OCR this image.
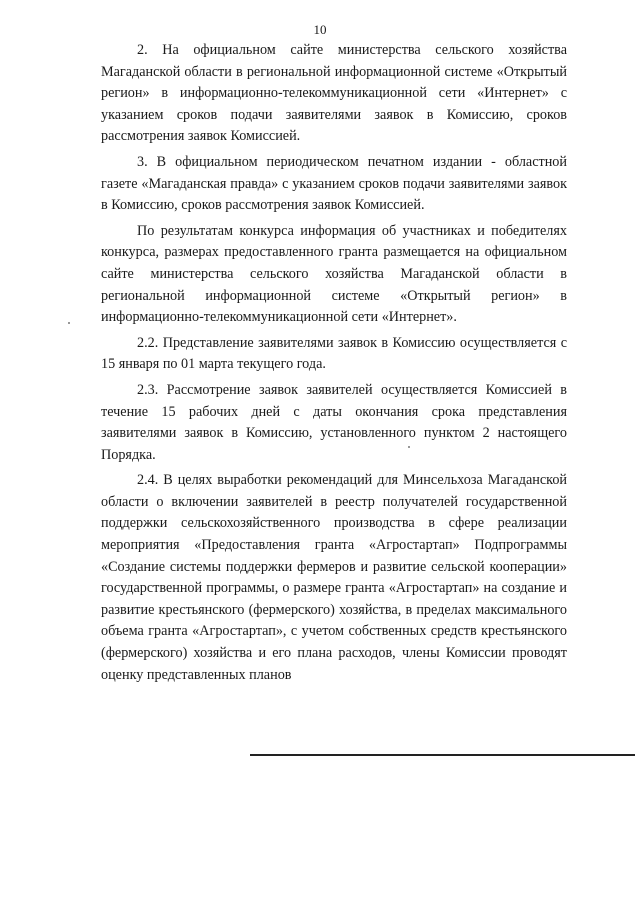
10

2. На официальном сайте министерства сельского хозяйства Магаданской области в региональной информационной системе «Открытый регион» в информационно-телекоммуникационной сети «Интернет» с указанием сроков подачи заявителями заявок в Комиссию, сроков рассмотрения заявок Комиссией.

3. В официальном периодическом печатном издании - областной газете «Магаданская правда» с указанием сроков подачи заявителями заявок в Комиссию, сроков рассмотрения заявок Комиссией.

По результатам конкурса информация об участниках и победителях конкурса, размерах предоставленного гранта размещается на официальном сайте министерства сельского хозяйства Магаданской области в региональной информационной системе «Открытый регион» в информационно-телекоммуникационной сети «Интернет».

2.2. Представление заявителями заявок в Комиссию осуществляется с 15 января по 01 марта текущего года.

2.3. Рассмотрение заявок заявителей осуществляется Комиссией в течение 15 рабочих дней с даты окончания срока представления заявителями заявок в Комиссию, установленного пунктом 2 настоящего Порядка.

2.4. В целях выработки рекомендаций для Минсельхоза Магаданской области о включении заявителей в реестр получателей государственной поддержки сельскохозяйственного производства в сфере реализации мероприятия «Предоставления гранта «Агростартап» Подпрограммы «Создание системы поддержки фермеров и развитие сельской кооперации» государственной программы, о размере гранта «Агростартап» на создание и развитие крестьянского (фермерского) хозяйства, в пределах максимального объема гранта «Агростартап», с учетом собственных средств крестьянского (фермерского) хозяйства и его плана расходов, члены Комиссии проводят оценку представленных планов
